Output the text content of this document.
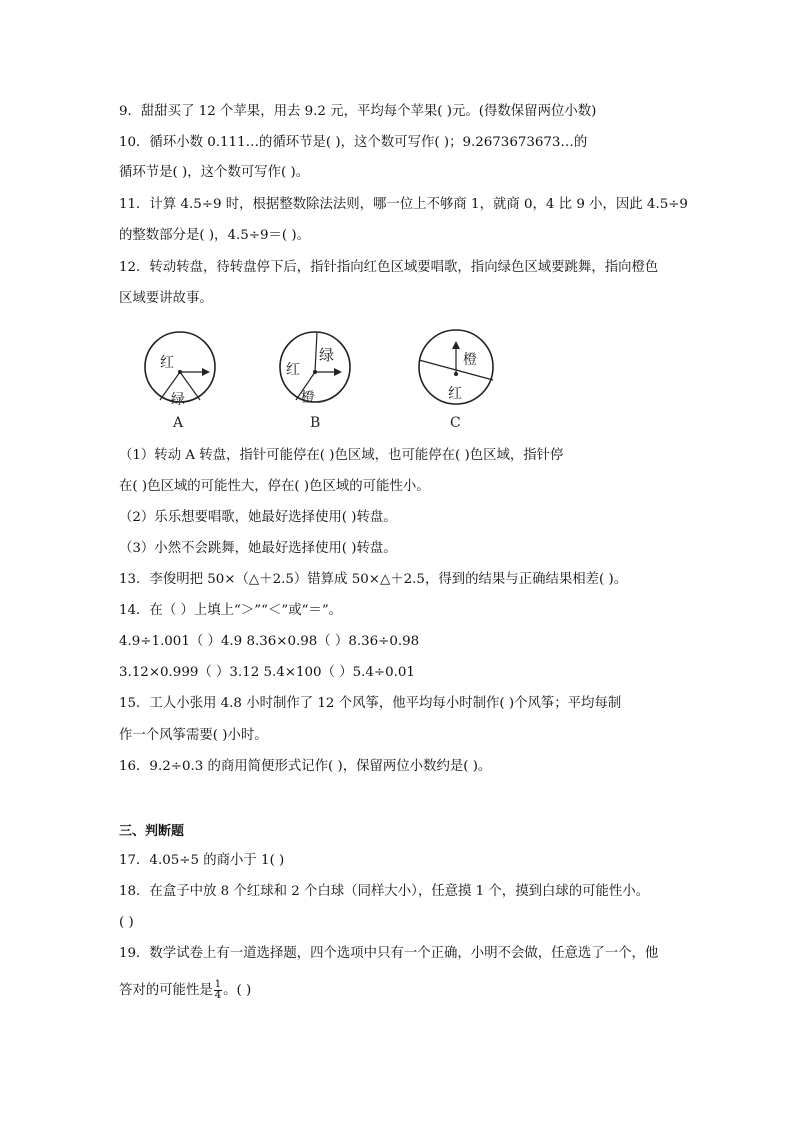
9．甜甜买了 12 个苹果，用去 9.2 元，平均每个苹果( )元。(得数保留两位小数)
10．循环小数 0.111…的循环节是( )，这个数可写作( )；9.2673673673…的
循环节是( )，这个数可写作( )。
11．计算 4.5÷9 时，根据整数除法法则，哪一位上不够商 1，就商 0，4 比 9 小，因此 4.5÷9
的整数部分是( )，4.5÷9＝( )。
12．转动转盘，待转盘停下后，指针指向红色区域要唱歌，指向绿色区域要跳舞，指向橙色
区域要讲故事。
红
绿
A
绿
红
橙
B
橙
红
C
（1）转动 A 转盘，指针可能停在( )色区域，也可能停在( )色区域，指针停
在( )色区域的可能性大，停在( )色区域的可能性小。
（2）乐乐想要唱歌，她最好选择使用( )转盘。
（3）小然不会跳舞，她最好选择使用( )转盘。
13．李俊明把 50×（△＋2.5）错算成 50×△＋2.5，得到的结果与正确结果相差( )。
14．在（ ）上填上“＞”“＜”或“＝”。
4.9÷1.001（ ）4.9 8.36×0.98（ ）8.36÷0.98
3.12×0.999（ ）3.12 5.4×100（ ）5.4÷0.01
15．工人小张用 4.8 小时制作了 12 个风筝，他平均每小时制作( )个风筝；平均每制
作一个风筝需要( )小时。
16．9.2÷0.3 的商用简便形式记作( )，保留两位小数约是( )。
三、判断题
17．4.05÷5 的商小于 1( )
18．在盒子中放 8 个红球和 2 个白球（同样大小），任意摸 1 个，摸到白球的可能性小。
( )
19．数学试卷上有一道选择题，四个选项中只有一个正确，小明不会做，任意选了一个，他
答对的可能性是 $\frac{1}{4}$ 。( )
